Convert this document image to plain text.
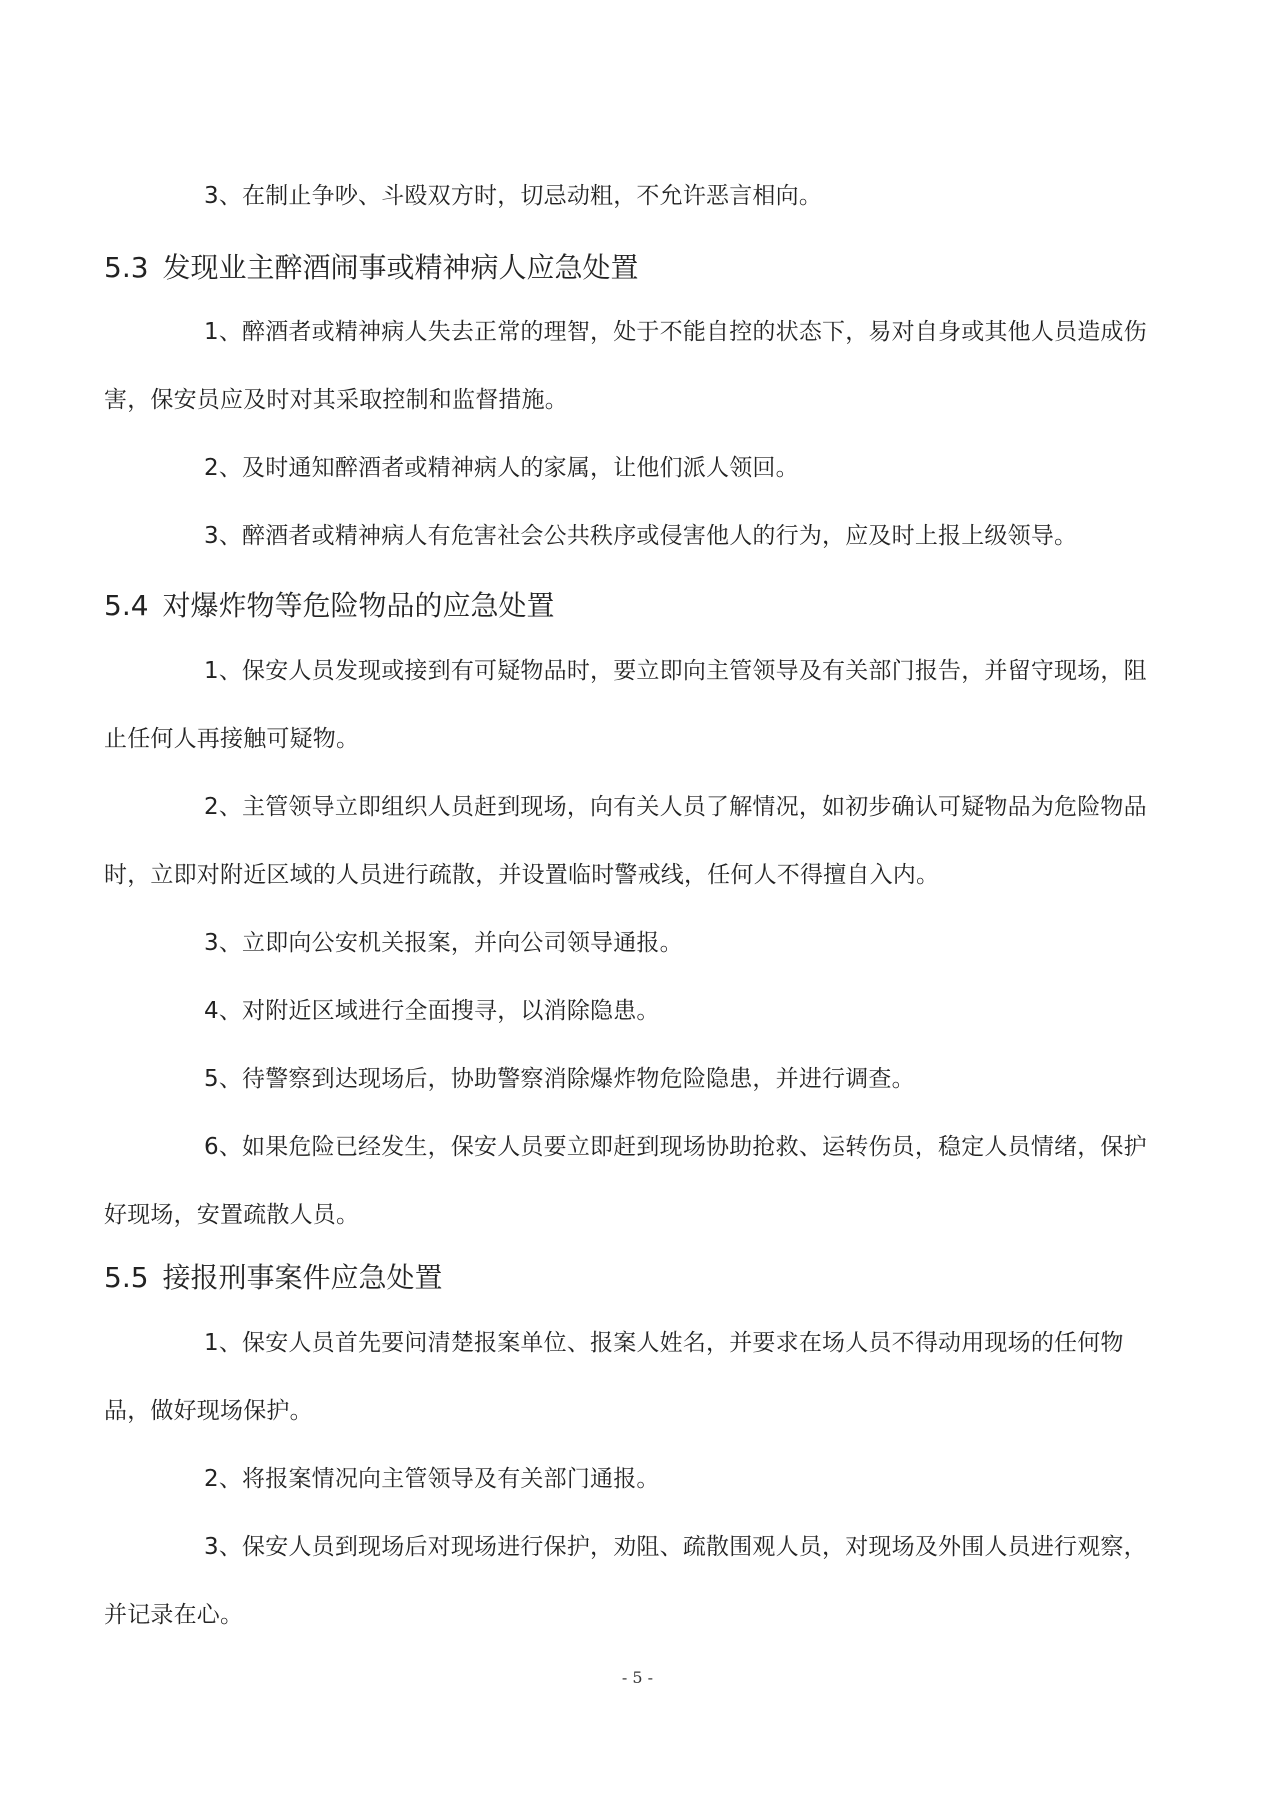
3、在制止争吵、斗殴双方时，切忌动粗，不允许恶言相向。

5.3 发现业主醉酒闹事或精神病人应急处置

1、醉酒者或精神病人失去正常的理智，处于不能自控的状态下，易对自身或其他人员造成伤害，保安员应及时对其采取控制和监督措施。

2、及时通知醉酒者或精神病人的家属，让他们派人领回。

3、醉酒者或精神病人有危害社会公共秩序或侵害他人的行为，应及时上报上级领导。

5.4 对爆炸物等危险物品的应急处置

1、保安人员发现或接到有可疑物品时，要立即向主管领导及有关部门报告，并留守现场，阻止任何人再接触可疑物。

2、主管领导立即组织人员赶到现场，向有关人员了解情况，如初步确认可疑物品为危险物品时，立即对附近区域的人员进行疏散，并设置临时警戒线，任何人不得擅自入内。

3、立即向公安机关报案，并向公司领导通报。

4、对附近区域进行全面搜寻，以消除隐患。

5、待警察到达现场后，协助警察消除爆炸物危险隐患，并进行调查。

6、如果危险已经发生，保安人员要立即赶到现场协助抢救、运转伤员，稳定人员情绪，保护好现场，安置疏散人员。

5.5 接报刑事案件应急处置

1、保安人员首先要问清楚报案单位、报案人姓名，并要求在场人员不得动用现场的任何物品，做好现场保护。

2、将报案情况向主管领导及有关部门通报。

3、保安人员到现场后对现场进行保护，劝阻、疏散围观人员，对现场及外围人员进行观察，并记录在心。

- 5 -
